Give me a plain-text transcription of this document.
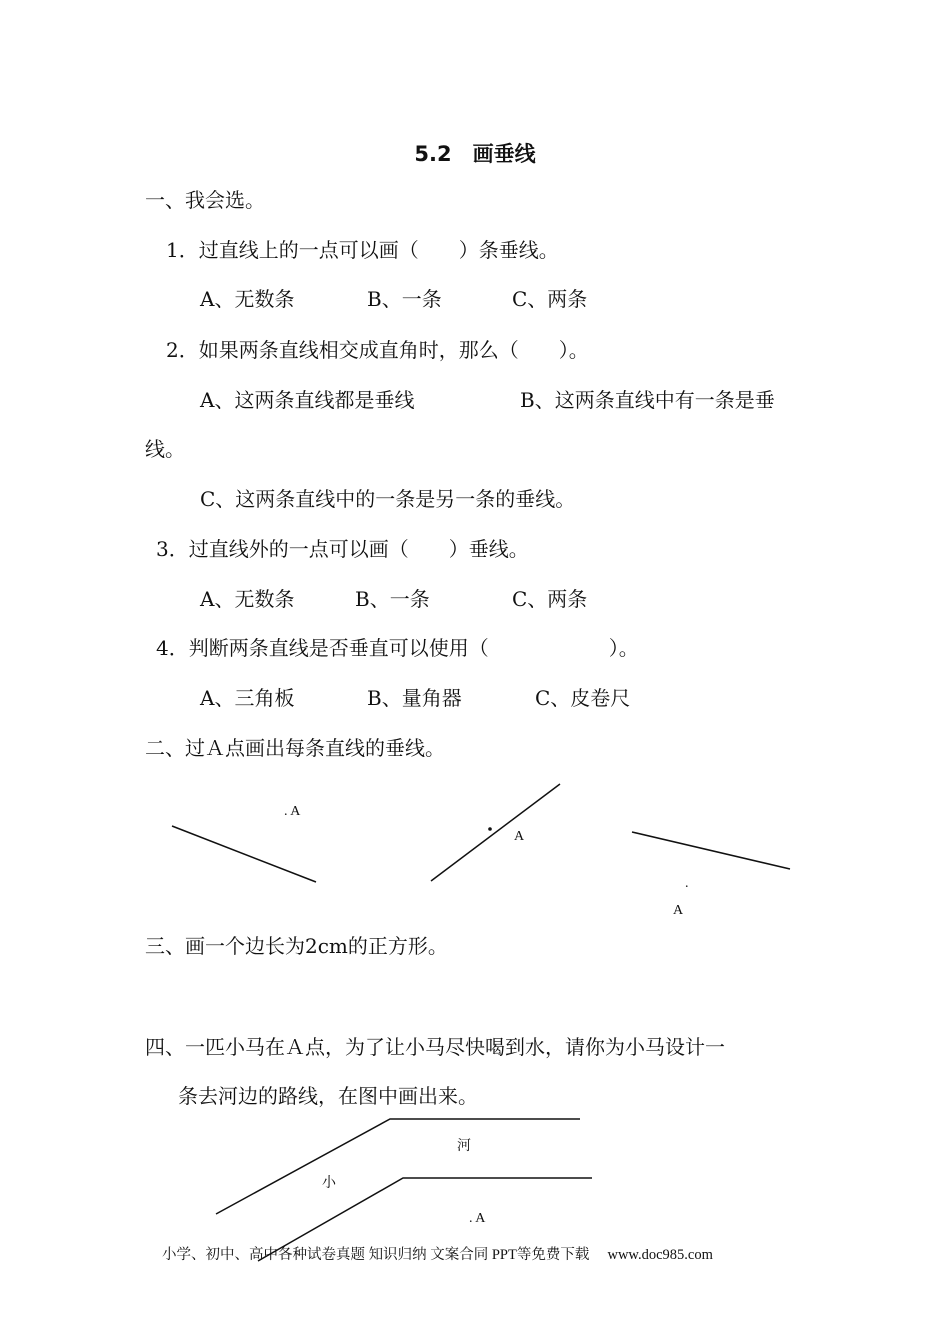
5.2　画垂线
一、我会选。
1．过直线上的一点可以画（　　）条垂线。
A、无数条	B、一条	C、两条
2．如果两条直线相交成直角时，那么（　　）。
A、这两条直线都是垂线	B、这两条直线中有一条是垂
线。
C、这两条直线中的一条是另一条的垂线。
3．过直线外的一点可以画（　　）垂线。
A、无数条	B、一条	C、两条
4．判断两条直线是否垂直可以使用（　　　　　　）。
A、三角板	B、量角器	C、皮卷尺
二、过Ａ点画出每条直线的垂线。
. A
A
.
A
三、画一个边长为2cm的正方形。
四、一匹小马在Ａ点，为了让小马尽快喝到水，请你为小马设计一
条去河边的路线，在图中画出来。
河
小
. A
小学、初中、高中各种试卷真题 知识归纳 文案合同 PPT等免费下载　 www.doc985.com
